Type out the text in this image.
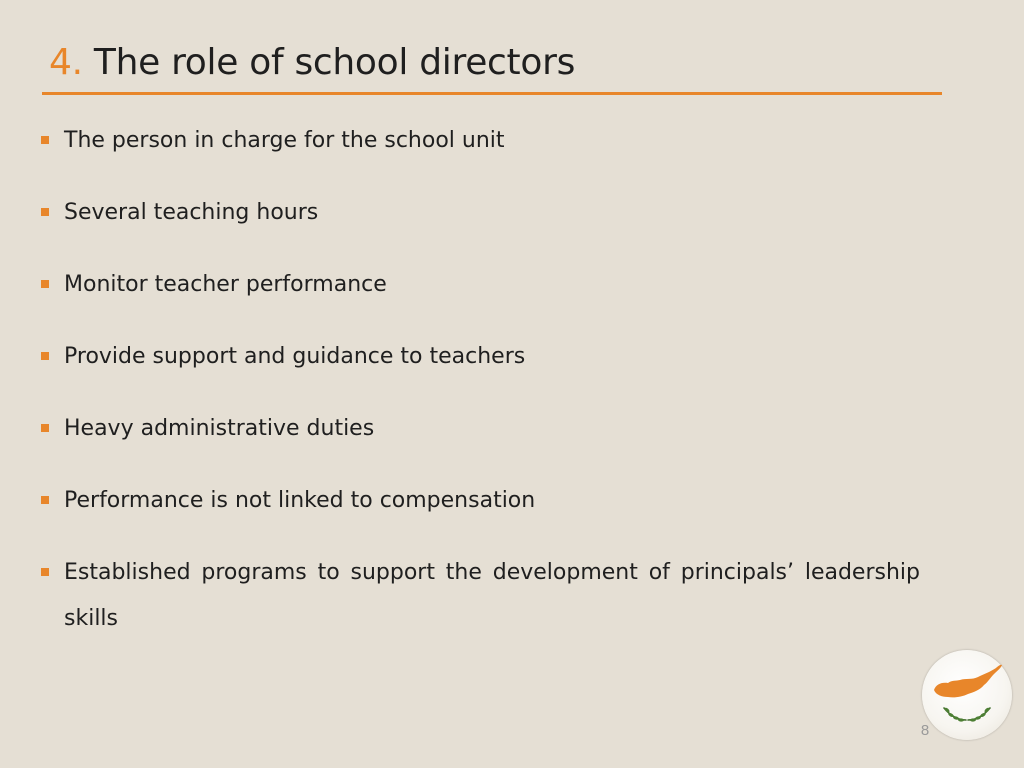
4. The role of school directors
The person in charge for the school unit
Several teaching hours
Monitor teacher performance
Provide support and guidance to teachers
Heavy administrative duties
Performance is not linked to compensation
Established programs to support the development of principals’ leadership skills
8
